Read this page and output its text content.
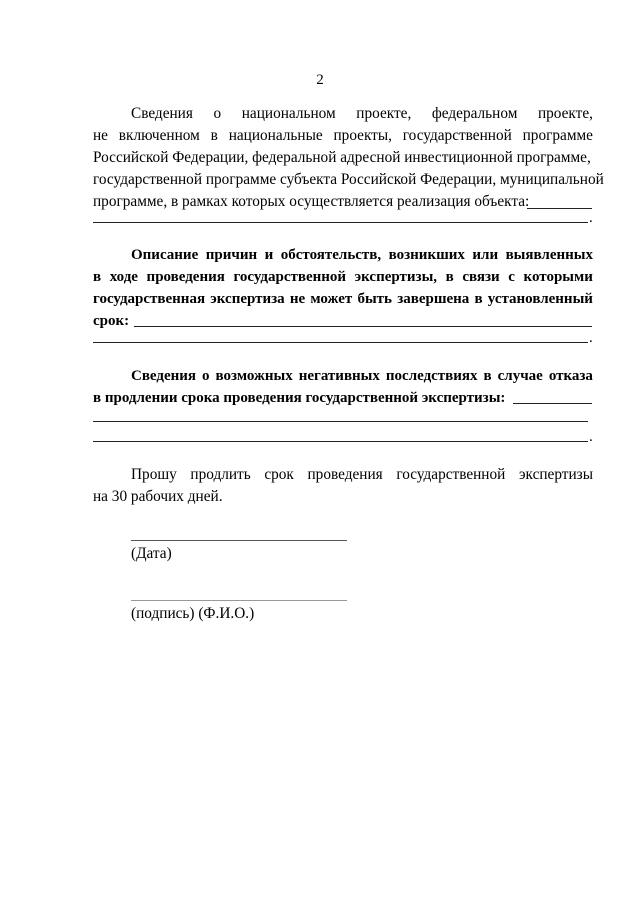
2
Сведения о национальном проекте, федеральном проекте,
не включенном в национальные проекты, государственной программе
Российской Федерации, федеральной адресной инвестиционной программе,
государственной программе субъекта Российской Федерации, муниципальной
программе, в рамках которых осуществляется реализация объекта:
.
Описание причин и обстоятельств, возникших или выявленных
в ходе проведения государственной экспертизы, в связи с которыми
государственная экспертиза не может быть завершена в установленный
срок:
.
Сведения о возможных негативных последствиях в случае отказа
в продлении срока проведения государственной экспертизы:
.
Прошу продлить срок проведения государственной экспертизы
на 30 рабочих дней.
(Дата)
(подпись) (Ф.И.О.)
